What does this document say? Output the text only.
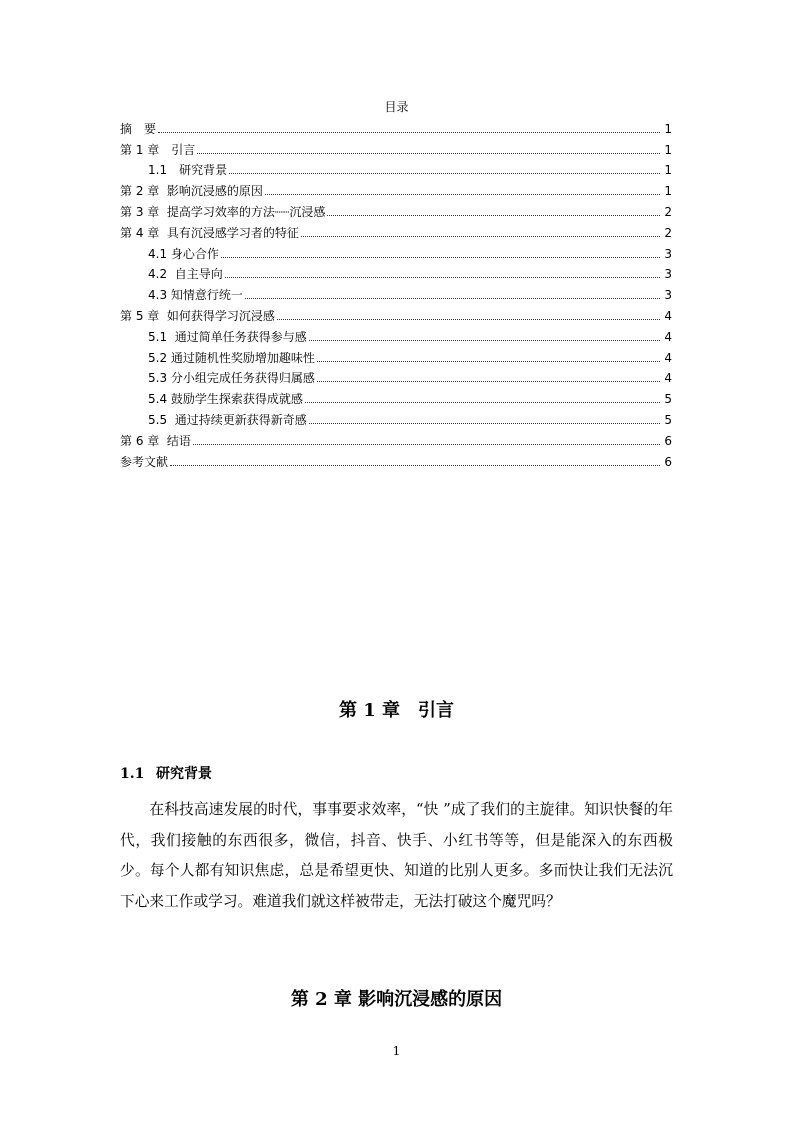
目录
摘　要	1
第 1 章　引言	1
1.1　研究背景	1
第 2 章  影响沉浸感的原因	1
第 3 章  提高学习效率的方法┈┈沉浸感	2
第 4 章  具有沉浸感学习者的特征	2
4.1 身心合作	3
4.2  自主导向	3
4.3 知情意行统一	3
第 5 章  如何获得学习沉浸感	4
5.1  通过简单任务获得参与感	4
5.2 通过随机性奖励增加趣味性	4
5.3 分小组完成任务获得归属感	4
5.4 鼓励学生探索获得成就感	5
5.5  通过持续更新获得新奇感	5
第 6 章  结语	6
参考文献	6
第 1 章　引言
1.1 研究背景

在科技高速发展的时代，事事要求效率，“快 ”成了我们的主旋律。知识快餐的年代，我们接触的东西很多，微信，抖音、快手、小红书等等，但是能深入的东西极少。每个人都有知识焦虑，总是希望更快、知道的比别人更多。多而快让我们无法沉下心来工作或学习。难道我们就这样被带走，无法打破这个魔咒吗？

第 2 章 影响沉浸感的原因
1
